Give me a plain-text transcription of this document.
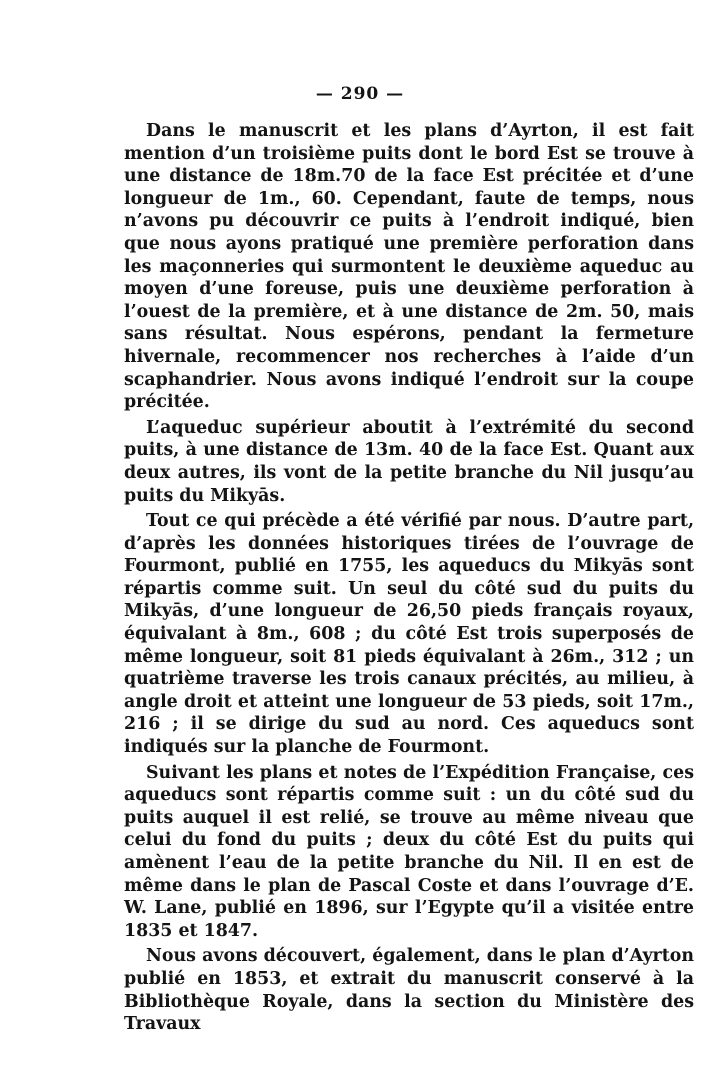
— 290 —

Dans le manuscrit et les plans d’Ayrton, il est fait mention d’un troisième puits dont le bord Est se trouve à une distance de 18m.70 de la face Est précitée et d’une longueur de 1m., 60. Cependant, faute de temps, nous n’avons pu découvrir ce puits à l’endroit indiqué, bien que nous ayons pratiqué une première perforation dans les maçonneries qui surmontent le deuxième aqueduc au moyen d’une foreuse, puis une deuxième perforation à l’ouest de la première, et à une distance de 2m. 50, mais sans résultat. Nous espérons, pendant la fermeture hivernale, recommencer nos recherches à l’aide d’un scaphandrier. Nous avons indiqué l’endroit sur la coupe précitée.

L’aqueduc supérieur aboutit à l’extrémité du second puits, à une distance de 13m. 40 de la face Est. Quant aux deux autres, ils vont de la petite branche du Nil jusqu’au puits du Mikyās.

Tout ce qui précède a été vérifié par nous. D’autre part, d’après les données historiques tirées de l’ouvrage de Fourmont, publié en 1755, les aqueducs du Mikyās sont répartis comme suit. Un seul du côté sud du puits du Mikyās, d’une longueur de 26,50 pieds français royaux, équivalant à 8m., 608 ; du côté Est trois superposés de même longueur, soit 81 pieds équivalant à 26m., 312 ; un quatrième traverse les trois canaux précités, au milieu, à angle droit et atteint une longueur de 53 pieds, soit 17m., 216 ; il se dirige du sud au nord. Ces aqueducs sont indiqués sur la planche de Fourmont.

Suivant les plans et notes de l’Expédition Française, ces aqueducs sont répartis comme suit : un du côté sud du puits auquel il est relié, se trouve au même niveau que celui du fond du puits ; deux du côté Est du puits qui amènent l’eau de la petite branche du Nil. Il en est de même dans le plan de Pascal Coste et dans l’ouvrage d’E. W. Lane, publié en 1896, sur l’Egypte qu’il a visitée entre 1835 et 1847.

Nous avons découvert, également, dans le plan d’Ayrton publié en 1853, et extrait du manuscrit conservé à la Bibliothèque Royale, dans la section du Ministère des Travaux
